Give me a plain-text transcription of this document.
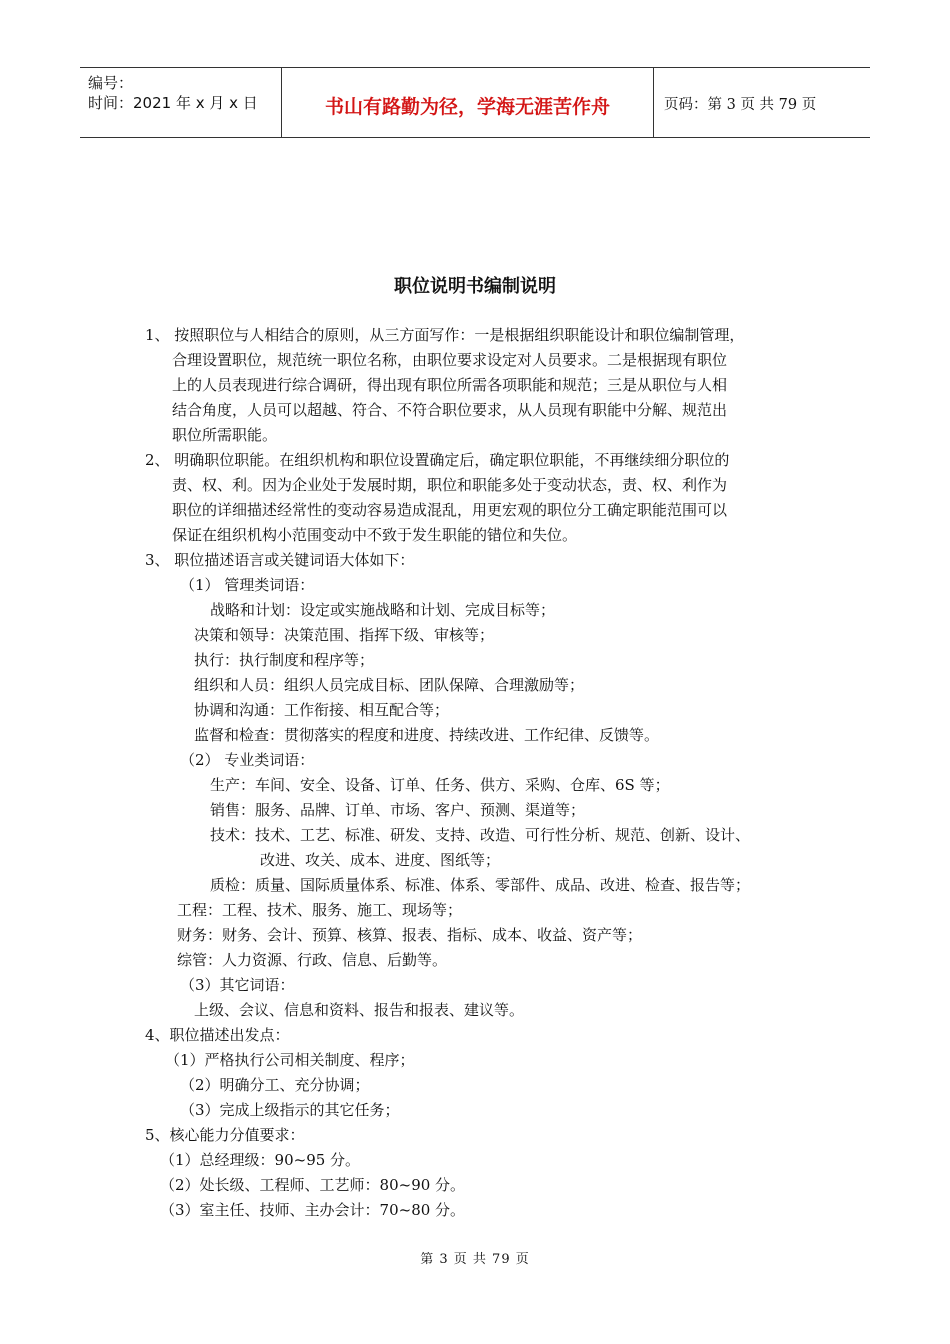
编号：
时间：2021 年 x 月 x 日	书山有路勤为径，学海无涯苦作舟	页码：第 3 页 共 79 页
职位说明书编制说明
1、 按照职位与人相结合的原则，从三方面写作：一是根据组织职能设计和职位编制管理，
合理设置职位，规范统一职位名称，由职位要求设定对人员要求。二是根据现有职位
上的人员表现进行综合调研，得出现有职位所需各项职能和规范；三是从职位与人相
结合角度，人员可以超越、符合、不符合职位要求，从人员现有职能中分解、规范出
职位所需职能。
2、 明确职位职能。在组织机构和职位设置确定后，确定职位职能，不再继续细分职位的
责、权、利。因为企业处于发展时期，职位和职能多处于变动状态，责、权、利作为
职位的详细描述经常性的变动容易造成混乱，用更宏观的职位分工确定职能范围可以
保证在组织机构小范围变动中不致于发生职能的错位和失位。
3、 职位描述语言或关键词语大体如下：
（1） 管理类词语：
战略和计划：设定或实施战略和计划、完成目标等；
决策和领导：决策范围、指挥下级、审核等；
执行：执行制度和程序等；
组织和人员：组织人员完成目标、团队保障、合理激励等；
协调和沟通：工作衔接、相互配合等；
监督和检查：贯彻落实的程度和进度、持续改进、工作纪律、反馈等。
（2） 专业类词语：
生产：车间、安全、设备、订单、任务、供方、采购、仓库、6S 等；
销售：服务、品牌、订单、市场、客户、预测、渠道等；
技术：技术、工艺、标准、研发、支持、改造、可行性分析、规范、创新、设计、
改进、攻关、成本、进度、图纸等；
质检：质量、国际质量体系、标准、体系、零部件、成品、改进、检查、报告等；
工程：工程、技术、服务、施工、现场等；
财务：财务、会计、预算、核算、报表、指标、成本、收益、资产等；
综管：人力资源、行政、信息、后勤等。
（3）其它词语：
上级、会议、信息和资料、报告和报表、建议等。
4、职位描述出发点：
（1）严格执行公司相关制度、程序；
（2）明确分工、充分协调；
（3）完成上级指示的其它任务；
5、核心能力分值要求：
（1）总经理级：90~95 分。
（2）处长级、工程师、工艺师：80~90 分。
（3）室主任、技师、主办会计：70~80 分。
第 3 页 共 79 页
